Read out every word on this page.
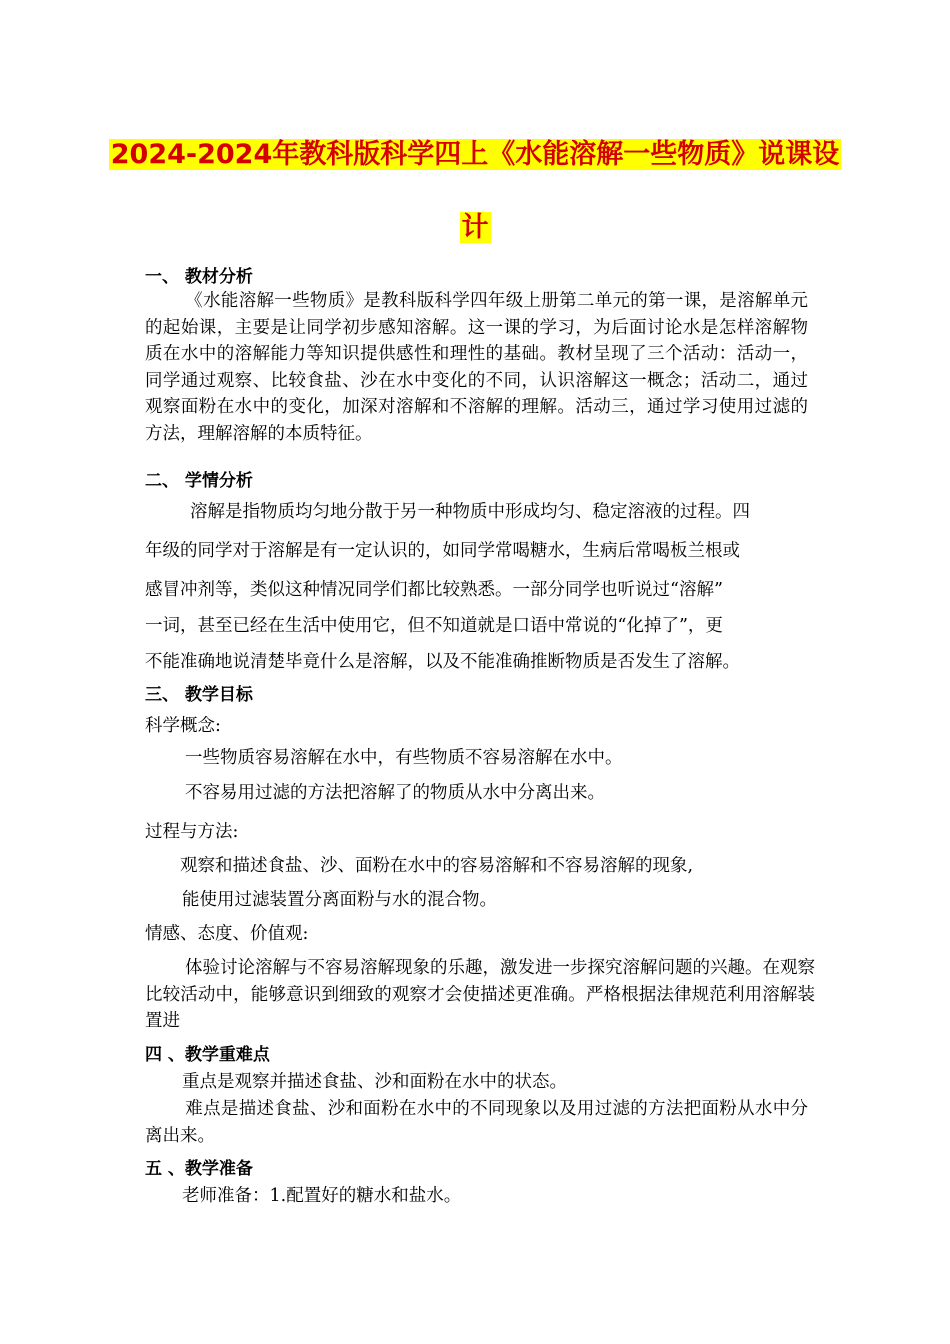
2024-2024年教科版科学四上《水能溶解一些物质》说课设
计
一、 教材分析
《水能溶解一些物质》是教科版科学四年级上册第二单元的第一课，是溶解单元的起始课，主要是让同学初步感知溶解。这一课的学习，为后面讨论水是怎样溶解物质在水中的溶解能力等知识提供感性和理性的基础。教材呈现了三个活动：活动一，同学通过观察、比较食盐、沙在水中变化的不同，认识溶解这一概念；活动二，通过观察面粉在水中的变化，加深对溶解和不溶解的理解。活动三，通过学习使用过滤的方法，理解溶解的本质特征。
二、 学情分析
溶解是指物质均匀地分散于另一种物质中形成均匀、稳定溶液的过程。四
年级的同学对于溶解是有一定认识的，如同学常喝糖水，生病后常喝板兰根或
感冒冲剂等，类似这种情况同学们都比较熟悉。一部分同学也听说过“溶解”
一词，甚至已经在生活中使用它，但不知道就是口语中常说的“化掉了”，更
不能准确地说清楚毕竟什么是溶解，以及不能准确推断物质是否发生了溶解。
三、 教学目标
科学概念:
一些物质容易溶解在水中，有些物质不容易溶解在水中。
不容易用过滤的方法把溶解了的物质从水中分离出来。
过程与方法:
观察和描述食盐、沙、面粉在水中的容易溶解和不容易溶解的现象,
能使用过滤装置分离面粉与水的混合物。
情感、态度、价值观:
体验讨论溶解与不容易溶解现象的乐趣，激发进一步探究溶解问题的兴趣。在观察比较活动中，能够意识到细致的观察才会使描述更准确。严格根据法律规范利用溶解装置进
四 、教学重难点
重点是观察并描述食盐、沙和面粉在水中的状态。
难点是描述食盐、沙和面粉在水中的不同现象以及用过滤的方法把面粉从水中分离出来。
五 、教学准备
老师准备：1.配置好的糖水和盐水。
